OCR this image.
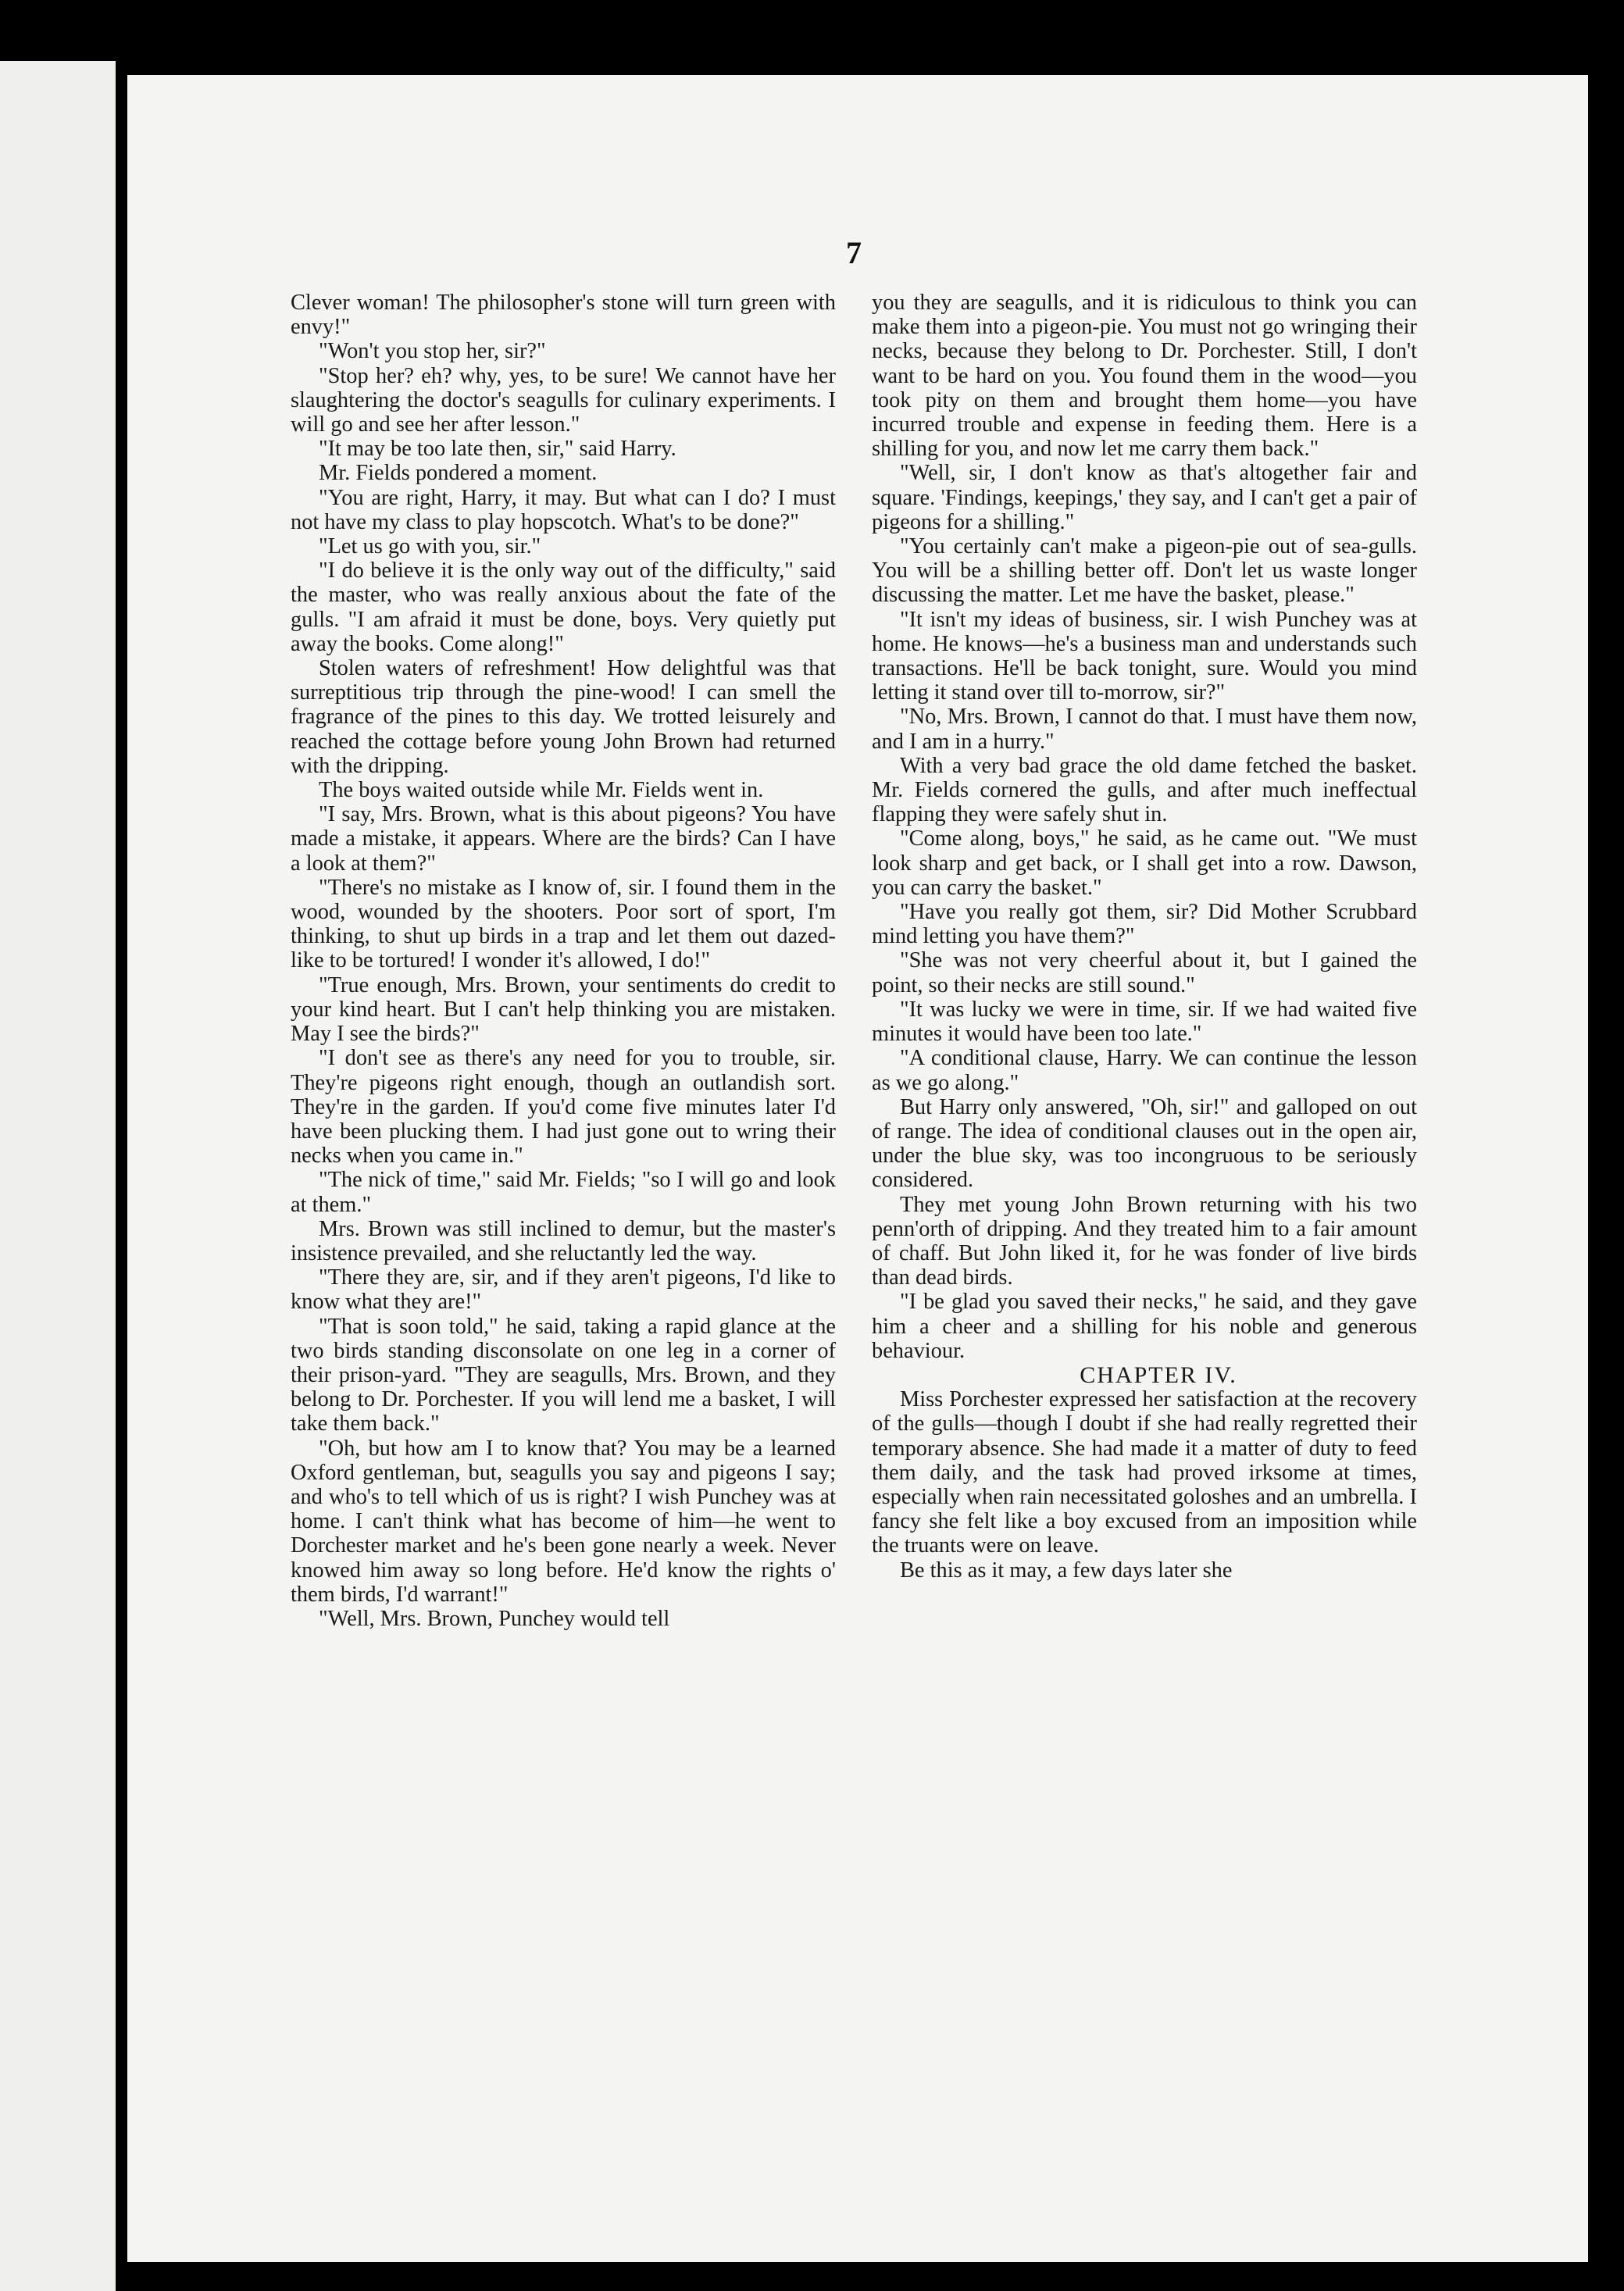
7

Clever woman! The philosopher's stone will turn green with envy!"

"Won't you stop her, sir?"

"Stop her? eh? why, yes, to be sure! We cannot have her slaughtering the doctor's seagulls for culinary experiments. I will go and see her after lesson."

"It may be too late then, sir," said Harry.

Mr. Fields pondered a moment.

"You are right, Harry, it may. But what can I do? I must not have my class to play hopscotch. What's to be done?"

"Let us go with you, sir."

"I do believe it is the only way out of the difficulty," said the master, who was really anxious about the fate of the gulls. "I am afraid it must be done, boys. Very quietly put away the books. Come along!"

Stolen waters of refreshment! How delightful was that surreptitious trip through the pine-wood! I can smell the fragrance of the pines to this day. We trotted leisurely and reached the cottage before young John Brown had returned with the dripping.

The boys waited outside while Mr. Fields went in.

"I say, Mrs. Brown, what is this about pigeons? You have made a mistake, it appears. Where are the birds? Can I have a look at them?"

"There's no mistake as I know of, sir. I found them in the wood, wounded by the shooters. Poor sort of sport, I'm thinking, to shut up birds in a trap and let them out dazed-like to be tortured! I wonder it's allowed, I do!"

"True enough, Mrs. Brown, your sentiments do credit to your kind heart. But I can't help thinking you are mistaken. May I see the birds?"

"I don't see as there's any need for you to trouble, sir. They're pigeons right enough, though an outlandish sort. They're in the garden. If you'd come five minutes later I'd have been plucking them. I had just gone out to wring their necks when you came in."

"The nick of time," said Mr. Fields; "so I will go and look at them."

Mrs. Brown was still inclined to demur, but the master's insistence prevailed, and she reluctantly led the way.

"There they are, sir, and if they aren't pigeons, I'd like to know what they are!"

"That is soon told," he said, taking a rapid glance at the two birds standing disconsolate on one leg in a corner of their prison-yard. "They are seagulls, Mrs. Brown, and they belong to Dr. Porchester. If you will lend me a basket, I will take them back."

"Oh, but how am I to know that? You may be a learned Oxford gentleman, but, seagulls you say and pigeons I say; and who's to tell which of us is right? I wish Punchey was at home. I can't think what has become of him—he went to Dorchester market and he's been gone nearly a week. Never knowed him away so long before. He'd know the rights o' them birds, I'd warrant!"

"Well, Mrs. Brown, Punchey would tell

you they are seagulls, and it is ridiculous to think you can make them into a pigeon-pie. You must not go wringing their necks, because they belong to Dr. Porchester. Still, I don't want to be hard on you. You found them in the wood—you took pity on them and brought them home—you have incurred trouble and expense in feeding them. Here is a shilling for you, and now let me carry them back."

"Well, sir, I don't know as that's altogether fair and square. 'Findings, keepings,' they say, and I can't get a pair of pigeons for a shilling."

"You certainly can't make a pigeon-pie out of sea-gulls. You will be a shilling better off. Don't let us waste longer discussing the matter. Let me have the basket, please."

"It isn't my ideas of business, sir. I wish Punchey was at home. He knows—he's a business man and understands such transactions. He'll be back tonight, sure. Would you mind letting it stand over till to-morrow, sir?"

"No, Mrs. Brown, I cannot do that. I must have them now, and I am in a hurry."

With a very bad grace the old dame fetched the basket. Mr. Fields cornered the gulls, and after much ineffectual flapping they were safely shut in.

"Come along, boys," he said, as he came out. "We must look sharp and get back, or I shall get into a row. Dawson, you can carry the basket."

"Have you really got them, sir? Did Mother Scrubbard mind letting you have them?"

"She was not very cheerful about it, but I gained the point, so their necks are still sound."

"It was lucky we were in time, sir. If we had waited five minutes it would have been too late."

"A conditional clause, Harry. We can continue the lesson as we go along."

But Harry only answered, "Oh, sir!" and galloped on out of range. The idea of conditional clauses out in the open air, under the blue sky, was too incongruous to be seriously considered.

They met young John Brown returning with his two penn'orth of dripping. And they treated him to a fair amount of chaff. But John liked it, for he was fonder of live birds than dead birds.

"I be glad you saved their necks," he said, and they gave him a cheer and a shilling for his noble and generous behaviour.

CHAPTER IV.

Miss Porchester expressed her satisfaction at the recovery of the gulls—though I doubt if she had really regretted their temporary absence. She had made it a matter of duty to feed them daily, and the task had proved irksome at times, especially when rain necessitated goloshes and an umbrella. I fancy she felt like a boy excused from an imposition while the truants were on leave.

Be this as it may, a few days later she
